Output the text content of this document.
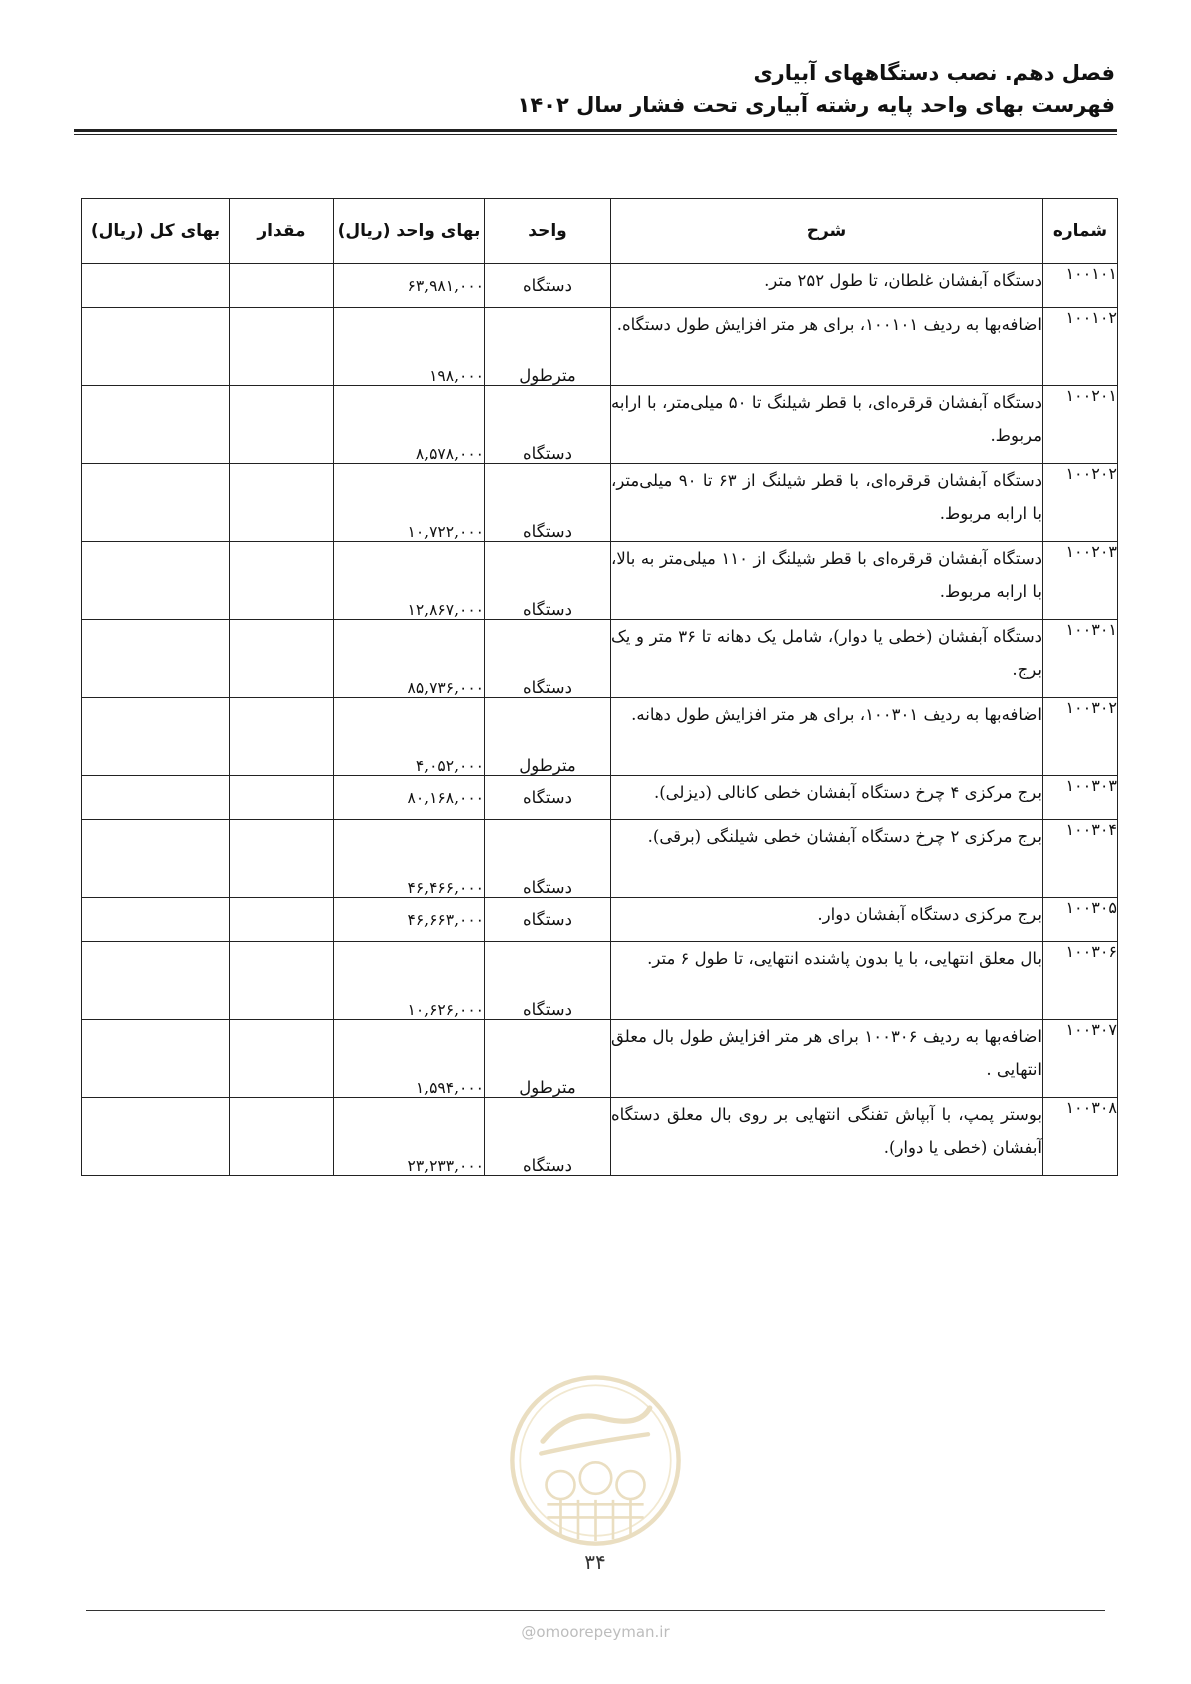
فصل دهم. نصب دستگاههای آبیاری
فهرست بهای واحد پایه رشته آبیاری تحت فشار سال ۱۴۰۲
شماره	شرح	واحد	بهای واحد (ریال)	مقدار	بهای کل (ریال)
۱۰۰۱۰۱	دستگاه آبفشان غلطان، تا طول ۲۵۲ متر.	دستگاه	۶۳,۹۸۱,۰۰۰		
۱۰۰۱۰۲	اضافه‌بها به ردیف ۱۰۰۱۰۱، برای هر متر افزایش طول دستگاه.	مترطول	۱۹۸,۰۰۰		
۱۰۰۲۰۱	دستگاه آبفشان قرقره‌ای، با قطر شیلنگ تا ۵۰ میلی‌متر، با ارابه مربوط.	دستگاه	۸,۵۷۸,۰۰۰		
۱۰۰۲۰۲	دستگاه آبفشان قرقره‌ای، با قطر شیلنگ از ۶۳ تا ۹۰ میلی‌متر، با ارابه مربوط.	دستگاه	۱۰,۷۲۲,۰۰۰		
۱۰۰۲۰۳	دستگاه آبفشان قرقره‌ای با قطر شیلنگ از ۱۱۰ میلی‌متر به بالا، با ارابه مربوط.	دستگاه	۱۲,۸۶۷,۰۰۰		
۱۰۰۳۰۱	دستگاه آبفشان (خطی یا دوار)، شامل یک دهانه تا ۳۶ متر و یک برج.	دستگاه	۸۵,۷۳۶,۰۰۰		
۱۰۰۳۰۲	اضافه‌بها به ردیف ۱۰۰۳۰۱، برای هر متر افزایش طول دهانه.	مترطول	۴,۰۵۲,۰۰۰		
۱۰۰۳۰۳	برج مرکزی ۴ چرخ دستگاه آبفشان خطی کانالی (دیزلی).	دستگاه	۸۰,۱۶۸,۰۰۰		
۱۰۰۳۰۴	برج مرکزی ۲ چرخ دستگاه آبفشان خطی شیلنگی (برقی).	دستگاه	۴۶,۴۶۶,۰۰۰		
۱۰۰۳۰۵	برج مرکزی دستگاه آبفشان دوار.	دستگاه	۴۶,۶۶۳,۰۰۰		
۱۰۰۳۰۶	بال معلق انتهایی، با یا بدون پاشنده انتهایی، تا طول ۶ متر.	دستگاه	۱۰,۶۲۶,۰۰۰		
۱۰۰۳۰۷	اضافه‌بها به ردیف ۱۰۰۳۰۶ برای هر متر افزایش طول بال معلق انتهایی .	مترطول	۱,۵۹۴,۰۰۰		
۱۰۰۳۰۸	بوستر پمپ، با آبپاش تفنگی انتهایی بر روی بال معلق دستگاه آبفشان (خطی یا دوار).	دستگاه	۲۳,۲۳۳,۰۰۰		
۳۴
@omoorepeyman.ir
